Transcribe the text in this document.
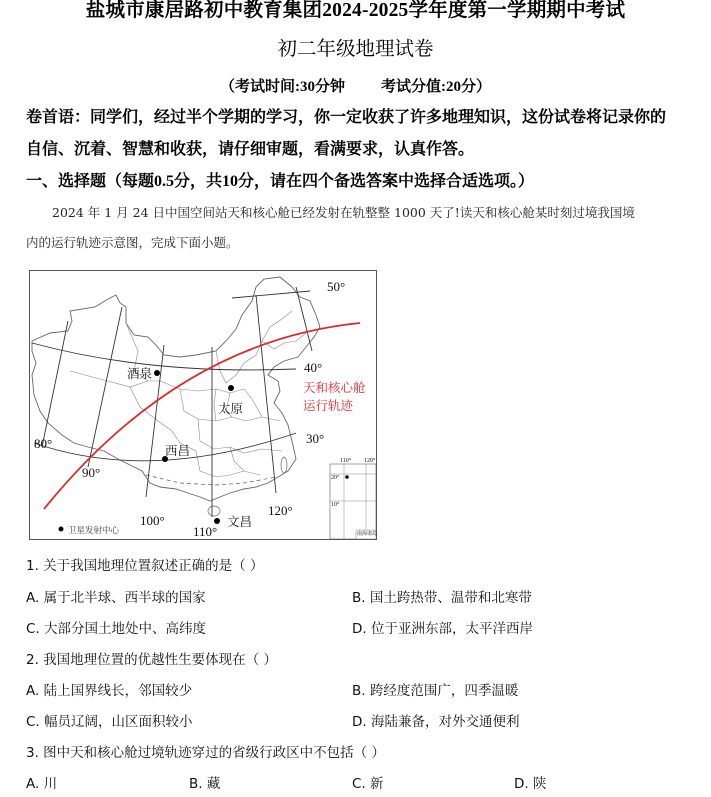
盐城市康居路初中教育集团2024-2025学年度第一学期期中考试
初二年级地理试卷
（考试时间:30分钟 考试分值:20分）
卷首语：同学们，经过半个学期的学习，你一定收获了许多地理知识，这份试卷将记录你的
自信、沉着、智慧和收获，请仔细审题，看满要求，认真作答。
一、选择题（每题0.5分，共10分，请在四个备选答案中选择合适选项。）
2024 年 1 月 24 日中国空间站天和核心舱已经发射在轨整整 1000 天了!读天和核心舱某时刻过境我国境
内的运行轨迹示意图，完成下面小题。
50°
40°
30°
80°
90°
100°
110°
120°
酒泉
太原
西昌
文昌
天和核心舱
运行轨迹
卫星发射中心
110° 120°
20°
10°
南海诸岛
1. 关于我国地理位置叙述正确的是（ ）
A. 属于北半球、西半球的国家	B. 国土跨热带、温带和北寒带
C. 大部分国土地处中、高纬度	D. 位于亚洲东部，太平洋西岸
2. 我国地理位置的优越性生要体现在（ ）
A. 陆上国界线长，邻国较少	B. 跨经度范围广，四季温暖
C. 幅员辽阔，山区面积较小	D. 海陆兼备，对外交通便利
3. 图中天和核心舱过境轨迹穿过的省级行政区中不包括（ ）
A. 川	B. 藏	C. 新	D. 陕
